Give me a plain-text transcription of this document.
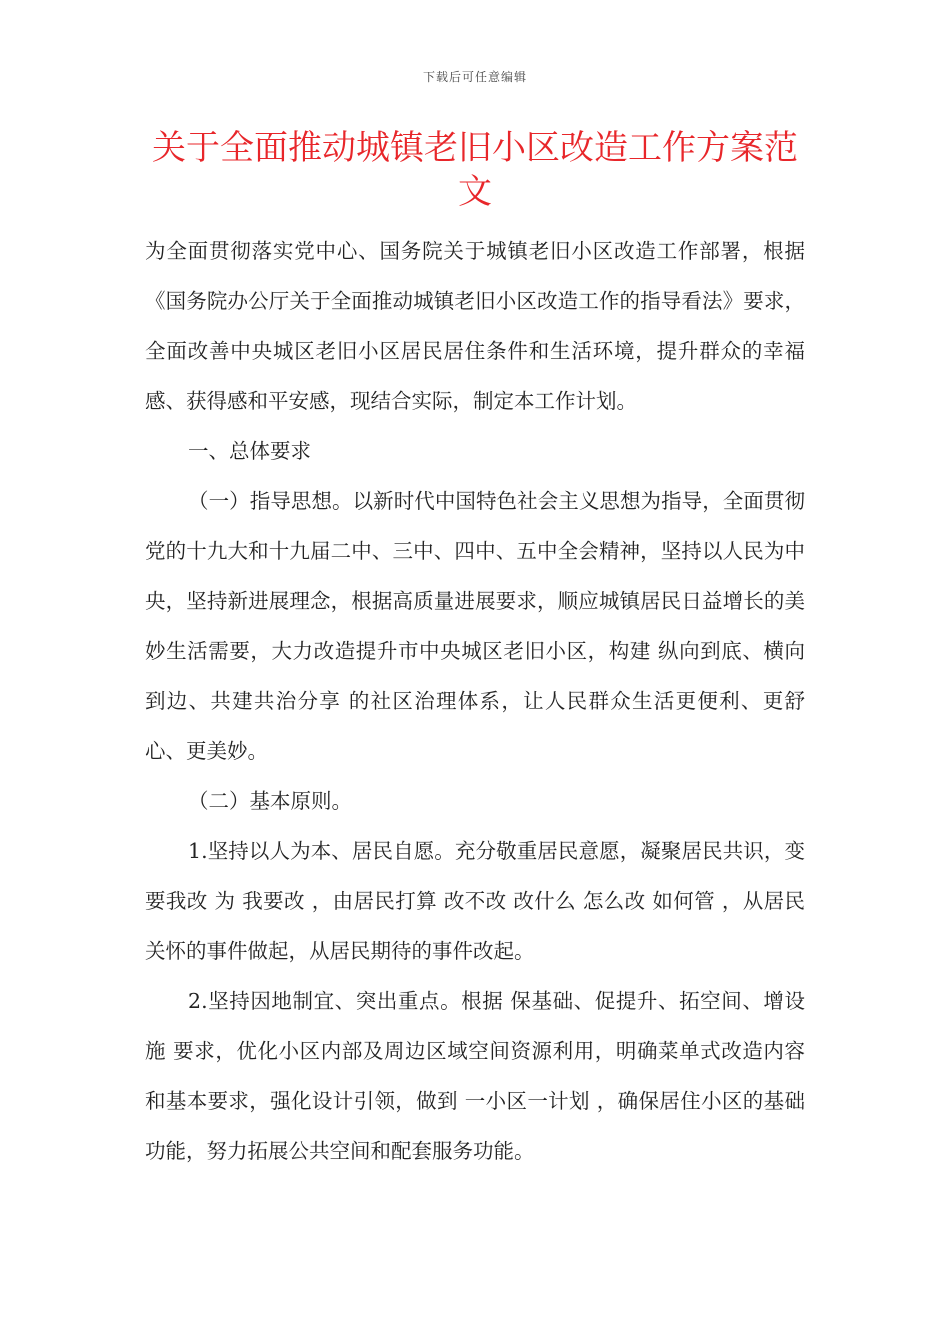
下载后可任意编辑
关于全面推动城镇老旧小区改造工作方案范文

为全面贯彻落实党中心、国务院关于城镇老旧小区改造工作部署，根据《国务院办公厅关于全面推动城镇老旧小区改造工作的指导看法》要求，全面改善中央城区老旧小区居民居住条件和生活环境，提升群众的幸福感、获得感和平安感，现结合实际，制定本工作计划。

一、总体要求

（一）指导思想。以新时代中国特色社会主义思想为指导，全面贯彻党的十九大和十九届二中、三中、四中、五中全会精神，坚持以人民为中央，坚持新进展理念，根据高质量进展要求，顺应城镇居民日益增长的美妙生活需要，大力改造提升市中央城区老旧小区，构建 纵向到底、横向到边、共建共治分享 的社区治理体系，让人民群众生活更便利、更舒心、更美妙。

（二）基本原则。

1.坚持以人为本、居民自愿。充分敬重居民意愿，凝聚居民共识，变 要我改 为 我要改 ，由居民打算 改不改 改什么 怎么改 如何管 ，从居民关怀的事件做起，从居民期待的事件改起。

2.坚持因地制宜、突出重点。根据 保基础、促提升、拓空间、增设施 要求，优化小区内部及周边区域空间资源利用，明确菜单式改造内容和基本要求，强化设计引领，做到 一小区一计划 ，确保居住小区的基础功能，努力拓展公共空间和配套服务功能。
